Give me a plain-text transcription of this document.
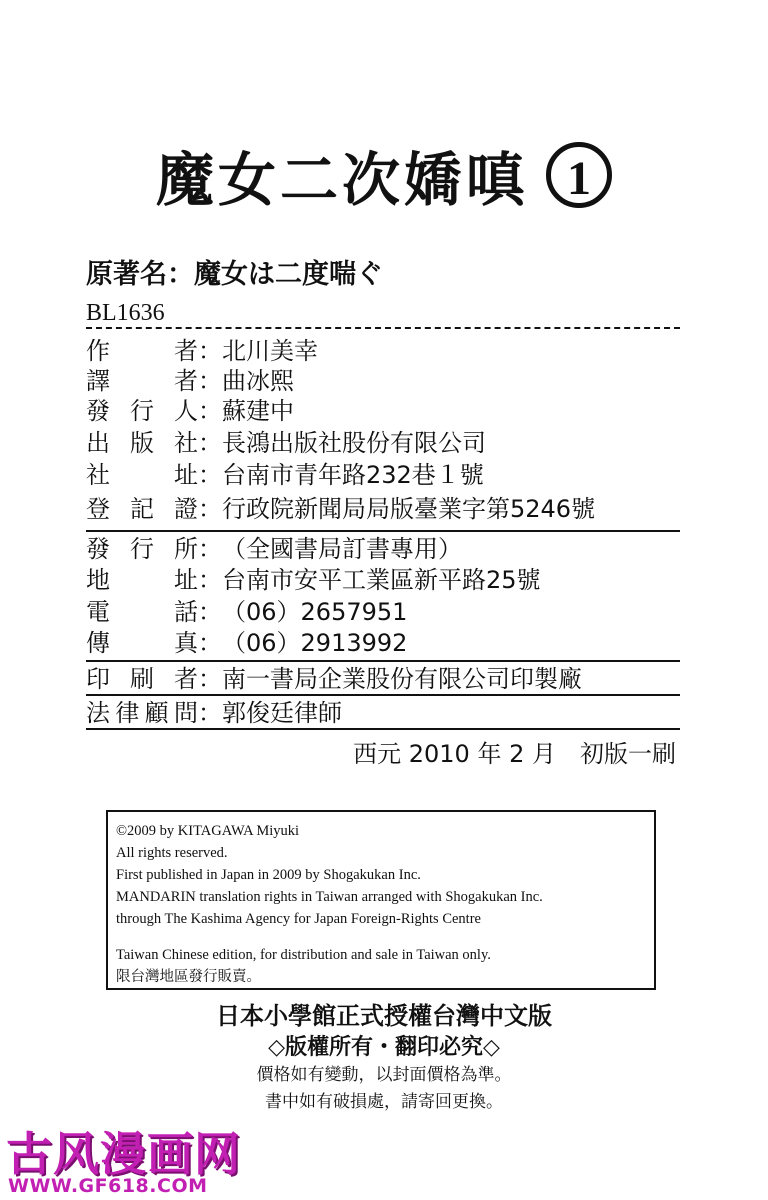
魔女二次嬌嗔 1
原著名：魔女は二度喘ぐ
BL1636
作	者 ： 北川美幸
譯	者 ： 曲冰熙
發 行 人 ： 蘇建中
出 版 社 ： 長鴻出版社股份有限公司
社	址 ： 台南市青年路232巷１號
登 記 證 ： 行政院新聞局局版臺業字第5246號
發 行 所 ： （全國書局訂書專用）
地	址 ： 台南市安平工業區新平路25號
電	話 ： （06）2657951
傳	真 ： （06）2913992
印 刷 者 ： 南一書局企業股份有限公司印製廠
法 律 顧 問 ： 郭俊廷律師
西元 2010 年 2 月　初版一刷
©2009 by KITAGAWA Miyuki
All rights reserved.
First published in Japan in 2009 by Shogakukan Inc.
MANDARIN translation rights in Taiwan arranged with Shogakukan Inc.
through The Kashima Agency for Japan Foreign-Rights Centre
Taiwan Chinese edition, for distribution and sale in Taiwan only.
限台灣地區發行販賣。
日本小學館正式授權台灣中文版
◇版權所有・翻印必究◇
價格如有變動，以封面價格為準。
書中如有破損處，請寄回更換。
古风漫画网
WWW.GF618.COM
